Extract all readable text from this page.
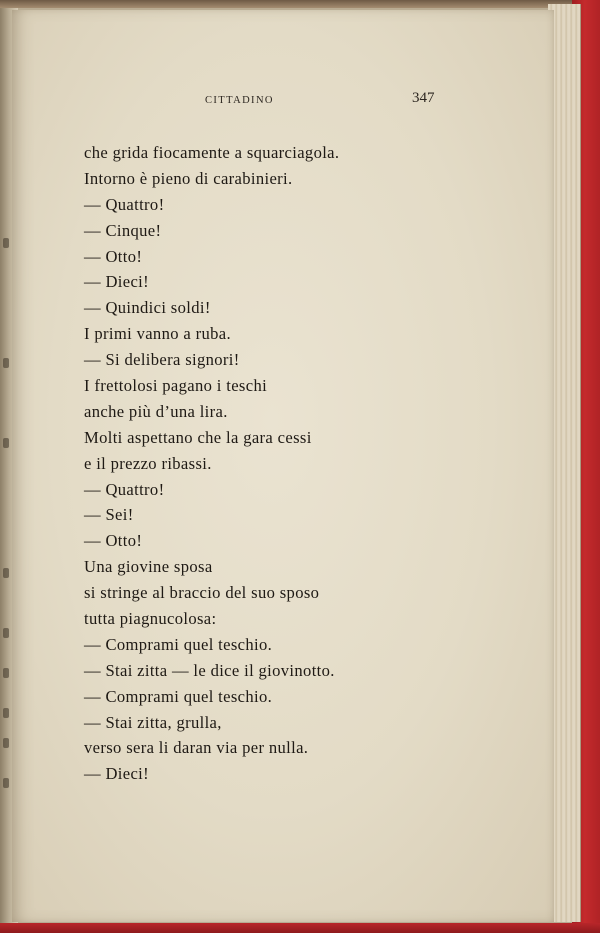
CITTADINO	347
che grida fiocamente a squarciagola.
Intorno è pieno di carabinieri.
— Quattro!
— Cinque!
— Otto!
— Dieci!
— Quindici soldi!
I primi vanno a ruba.
— Si delibera signori!
I frettolosi pagano i teschi
anche più d’una lira.
Molti aspettano che la gara cessi
e il prezzo ribassi.
— Quattro!
— Sei!
— Otto!
Una giovine sposa
si stringe al braccio del suo sposo
tutta piagnucolosa:
— Comprami quel teschio.
— Stai zitta — le dice il giovinotto.
— Comprami quel teschio.
— Stai zitta, grulla,
verso sera li daran via per nulla.
— Dieci!
